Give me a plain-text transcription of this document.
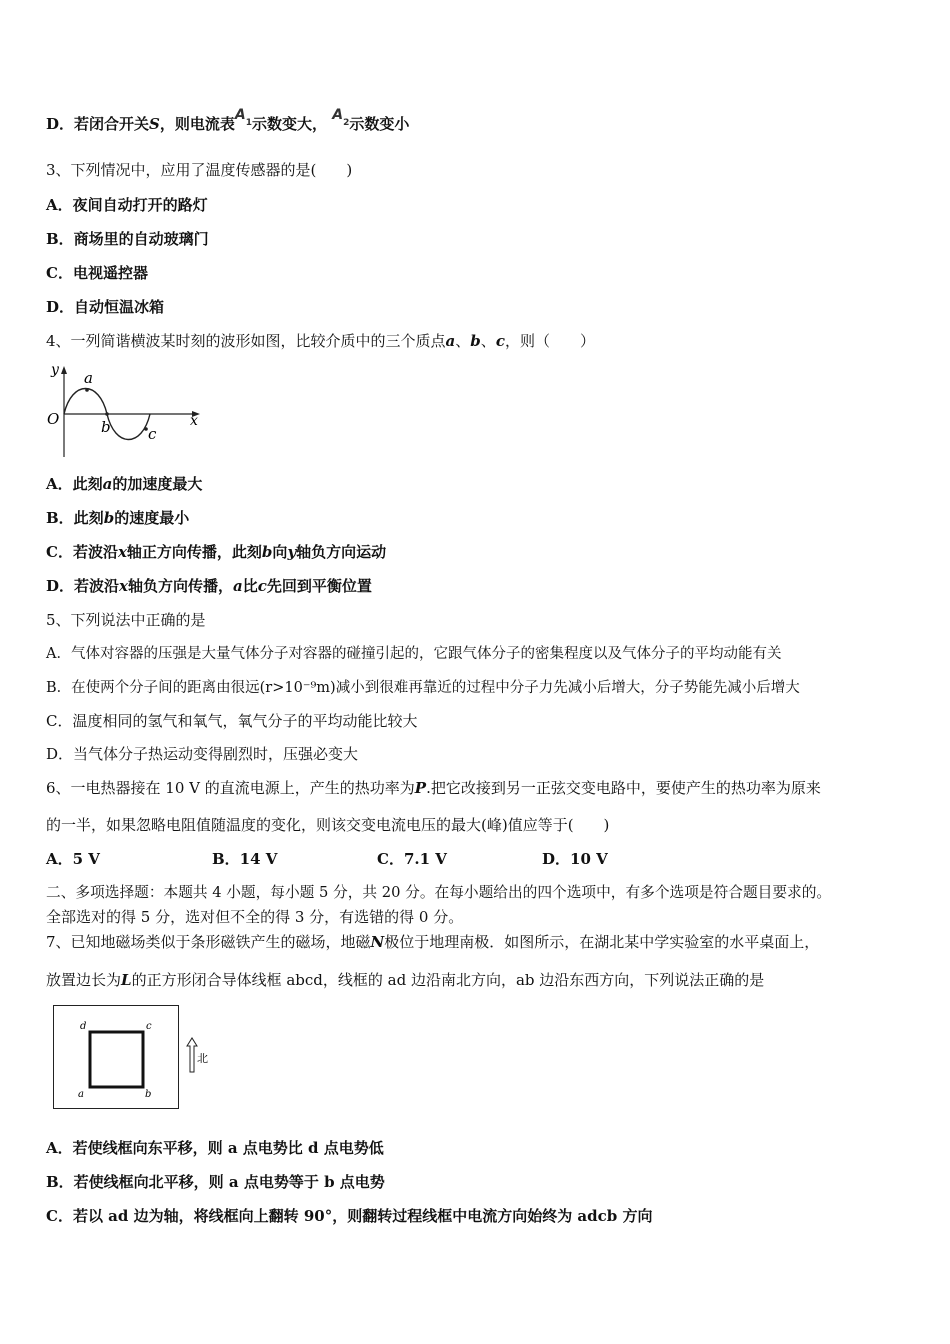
D．若闭合开关S，则电流表$A_1$示数变大， $A_2$示数变小
3、下列情况中，应用了温度传感器的是(　　)
A．夜间自动打开的路灯
B．商场里的自动玻璃门
C．电视遥控器
D．自动恒温冰箱
4、一列简谐横波某时刻的波形如图，比较介质中的三个质点a、b、c，则（　　）
y
x
O
a
b c
A．此刻a的加速度最大
B．此刻b的速度最小
C．若波沿x轴正方向传播，此刻b向y轴负方向运动
D．若波沿x轴负方向传播，a比c先回到平衡位置
5、下列说法中正确的是
A．气体对容器的压强是大量气体分子对容器的碰撞引起的，它跟气体分子的密集程度以及气体分子的平均动能有关
B．在使两个分子间的距离由很远(r>10⁻⁹m)减小到很难再靠近的过程中分子力先减小后增大，分子势能先减小后增大
C．温度相同的氢气和氧气，氧气分子的平均动能比较大
D．当气体分子热运动变得剧烈时，压强必变大
6、一电热器接在 10 V 的直流电源上，产生的热功率为P.把它改接到另一正弦交变电路中，要使产生的热功率为原来
的一半，如果忽略电阻值随温度的变化，则该交变电流电压的最大(峰)值应等于(　　)
A．5 V	B．14 V	C．7.1 V	D．10 V
二、多项选择题：本题共 4 小题，每小题 5 分，共 20 分。在每小题给出的四个选项中，有多个选项是符合题目要求的。
全部选对的得 5 分，选对但不全的得 3 分，有选错的得 0 分。
7、已知地磁场类似于条形磁铁产生的磁场，地磁N极位于地理南极．如图所示，在湖北某中学实验室的水平桌面上，
放置边长为L的正方形闭合导体线框 abcd，线框的 ad 边沿南北方向，ab 边沿东西方向，下列说法正确的是
d	c
a	b
北
A．若使线框向东平移，则 a 点电势比 d 点电势低
B．若使线框向北平移，则 a 点电势等于 b 点电势
C．若以 ad 边为轴，将线框向上翻转 90°，则翻转过程线框中电流方向始终为 adcb 方向
